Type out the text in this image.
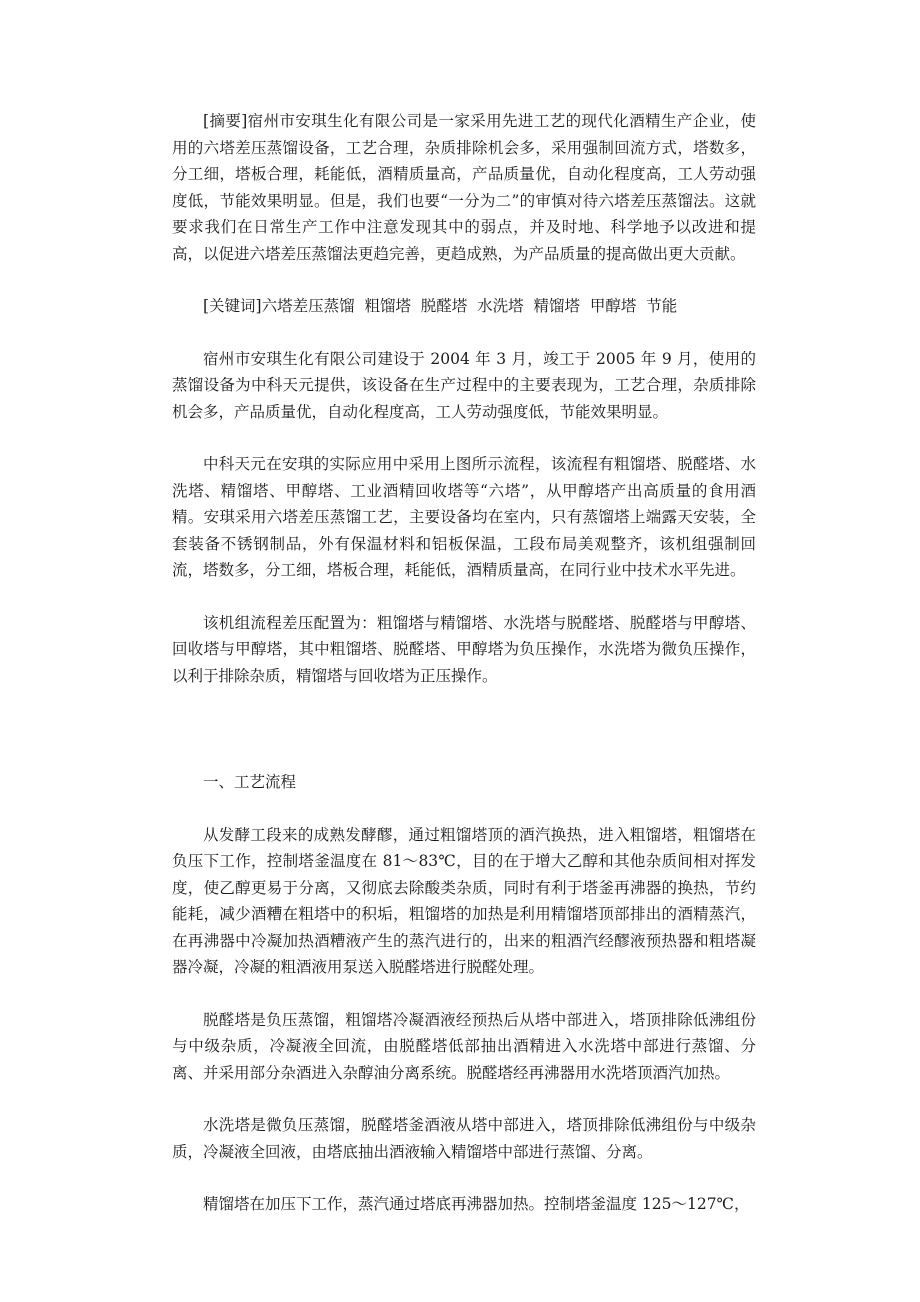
[摘要]宿州市安琪生化有限公司是一家采用先进工艺的现代化酒精生产企业，使用的六塔差压蒸馏设备，工艺合理，杂质排除机会多，采用强制回流方式，塔数多，分工细，塔板合理，耗能低，酒精质量高，产品质量优，自动化程度高，工人劳动强度低，节能效果明显。但是，我们也要“一分为二”的审慎对待六塔差压蒸馏法。这就要求我们在日常生产工作中注意发现其中的弱点，并及时地、科学地予以改进和提高，以促进六塔差压蒸馏法更趋完善，更趋成熟，为产品质量的提高做出更大贡献。

[关键词]六塔差压蒸馏  粗馏塔  脱醛塔  水洗塔  精馏塔  甲醇塔  节能

宿州市安琪生化有限公司建设于 2004 年 3 月，竣工于 2005 年 9 月，使用的蒸馏设备为中科天元提供，该设备在生产过程中的主要表现为，工艺合理，杂质排除机会多，产品质量优，自动化程度高，工人劳动强度低，节能效果明显。

中科天元在安琪的实际应用中采用上图所示流程，该流程有粗馏塔、脱醛塔、水洗塔、精馏塔、甲醇塔、工业酒精回收塔等“六塔”，从甲醇塔产出高质量的食用酒精。安琪采用六塔差压蒸馏工艺，主要设备均在室内，只有蒸馏塔上端露天安装，全套装备不锈钢制品，外有保温材料和铝板保温，工段布局美观整齐，该机组强制回流，塔数多，分工细，塔板合理，耗能低，酒精质量高，在同行业中技术水平先进。

该机组流程差压配置为：粗馏塔与精馏塔、水洗塔与脱醛塔、脱醛塔与甲醇塔、回收塔与甲醇塔，其中粗馏塔、脱醛塔、甲醇塔为负压操作，水洗塔为微负压操作，以利于排除杂质，精馏塔与回收塔为正压操作。

一、工艺流程

从发酵工段来的成熟发酵醪，通过粗馏塔顶的酒汽换热，进入粗馏塔，粗馏塔在负压下工作，控制塔釜温度在 81～83℃，目的在于增大乙醇和其他杂质间相对挥发度，使乙醇更易于分离，又彻底去除酸类杂质，同时有利于塔釜再沸器的换热，节约能耗，减少酒糟在粗塔中的积垢，粗馏塔的加热是利用精馏塔顶部排出的酒精蒸汽，在再沸器中冷凝加热酒糟液产生的蒸汽进行的，出来的粗酒汽经醪液预热器和粗塔凝器冷凝，冷凝的粗酒液用泵送入脱醛塔进行脱醛处理。

脱醛塔是负压蒸馏，粗馏塔冷凝酒液经预热后从塔中部进入，塔顶排除低沸组份与中级杂质，冷凝液全回流，由脱醛塔低部抽出酒精进入水洗塔中部进行蒸馏、分离、并采用部分杂酒进入杂醇油分离系统。脱醛塔经再沸器用水洗塔顶酒汽加热。

水洗塔是微负压蒸馏，脱醛塔釜酒液从塔中部进入，塔顶排除低沸组份与中级杂质，冷凝液全回液，由塔底抽出酒液输入精馏塔中部进行蒸馏、分离。

精馏塔在加压下工作，蒸汽通过塔底再沸器加热。控制塔釜温度 125～127℃，
